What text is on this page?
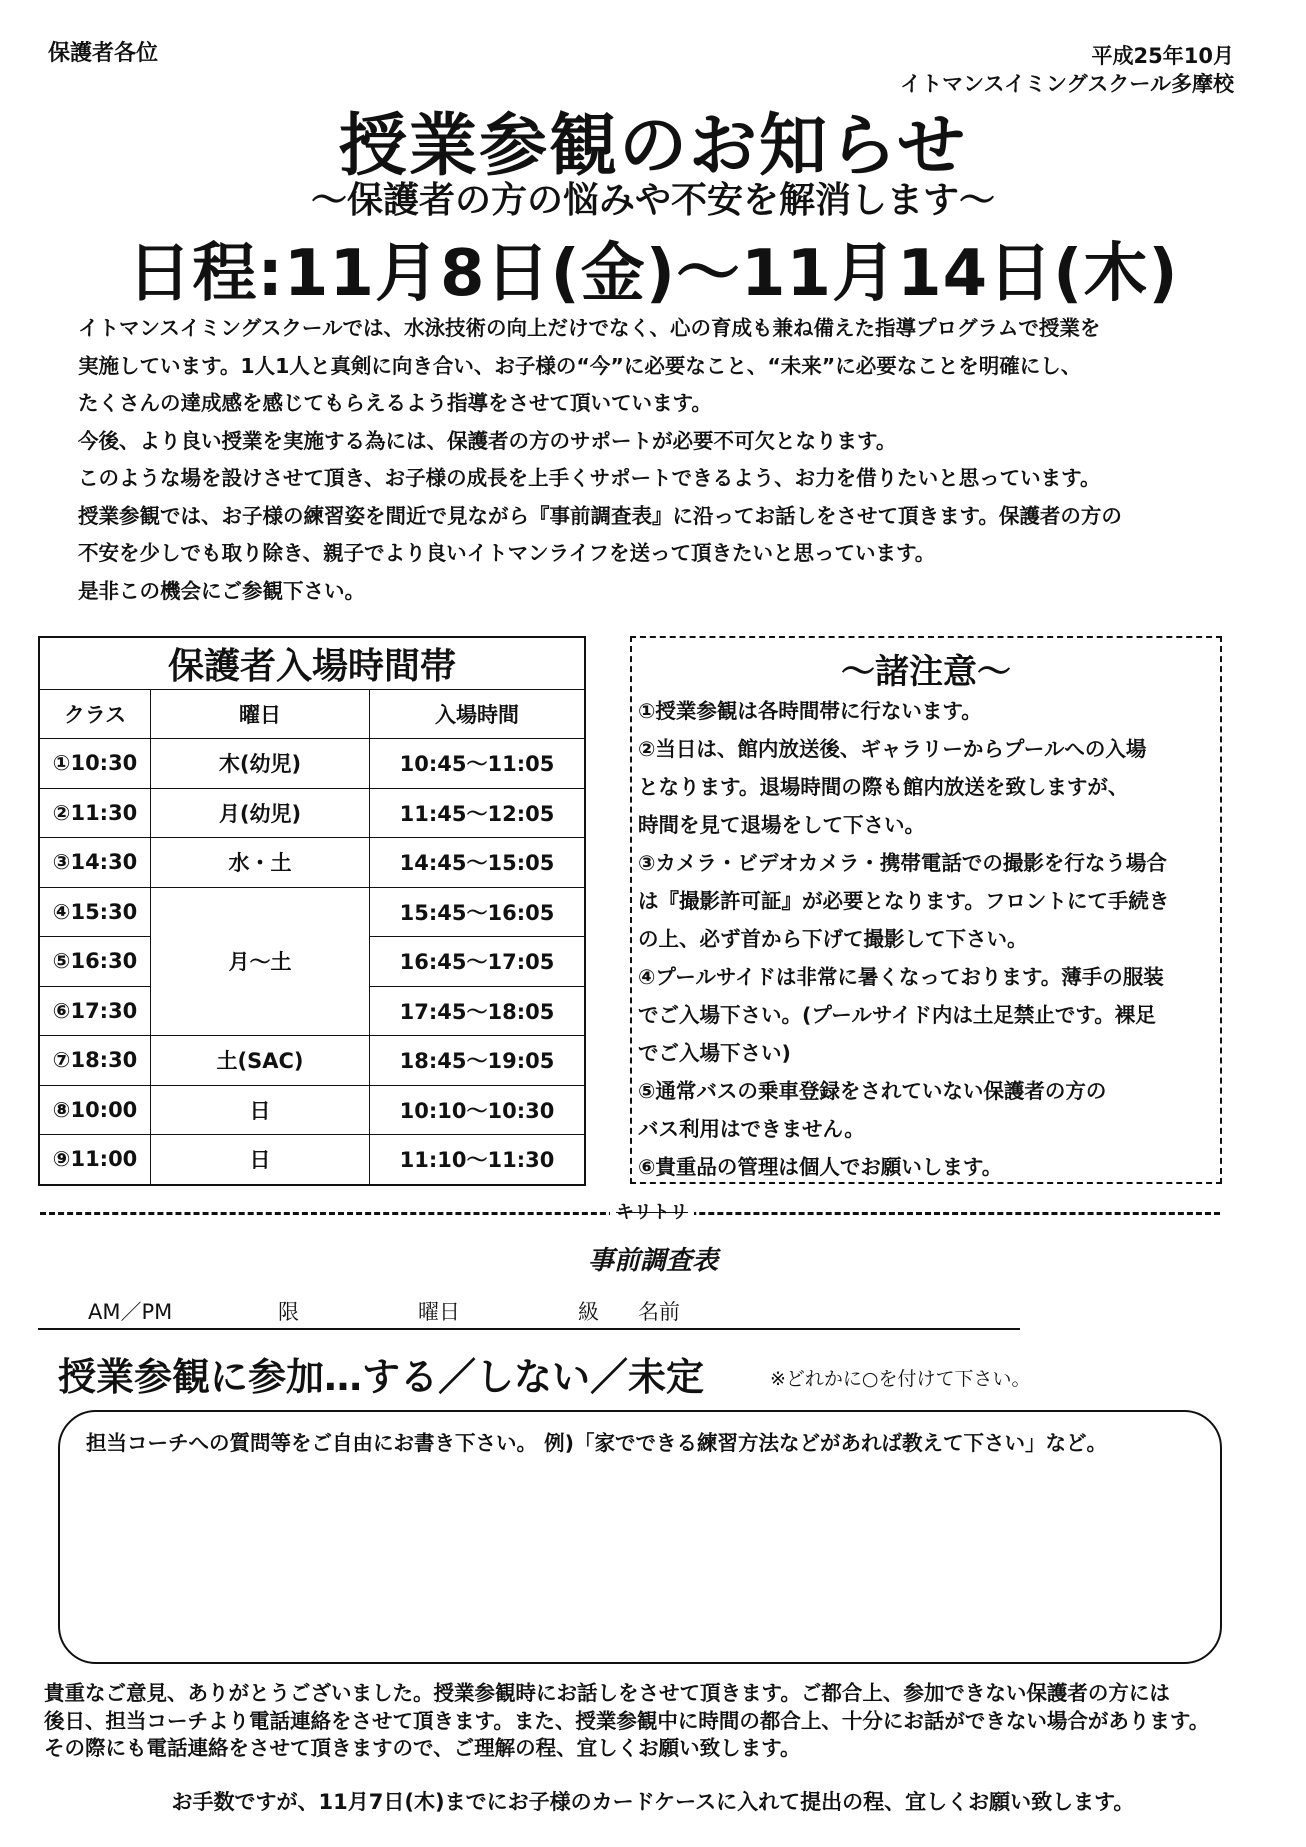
保護者各位	平成25年10月
イトマンスイミングスクール多摩校
授業参観のお知らせ
～保護者の方の悩みや不安を解消します～
日程:11月8日(金)～11月14日(木)

イトマンスイミングスクールでは、水泳技術の向上だけでなく、心の育成も兼ね備えた指導プログラムで授業を

実施しています。1人1人と真剣に向き合い、お子様の“今”に必要なこと、“未来”に必要なことを明確にし、

たくさんの達成感を感じてもらえるよう指導をさせて頂いています。

今後、より良い授業を実施する為には、保護者の方のサポートが必要不可欠となります。

このような場を設けさせて頂き、お子様の成長を上手くサポートできるよう、お力を借りたいと思っています。

授業参観では、お子様の練習姿を間近で見ながら『事前調査表』に沿ってお話しをさせて頂きます。保護者の方の

不安を少しでも取り除き、親子でより良いイトマンライフを送って頂きたいと思っています。

是非この機会にご参観下さい。

保護者入場時間帯		
クラス	曜日	入場時間
①10:30	木(幼児)	10:45～11:05
②11:30	月(幼児)	11:45～12:05
③14:30	水・土	14:45～15:05
④15:30	月～土	15:45～16:05
⑤16:30		16:45～17:05
⑥17:30		17:45～18:05
⑦18:30	土(SAC)	18:45～19:05
⑧10:00	日	10:10～10:30
⑨11:00	日	11:10～11:30
～諸注意～

①授業参観は各時間帯に行ないます。

②当日は、館内放送後、ギャラリーからプールへの入場

となります。退場時間の際も館内放送を致しますが、

時間を見て退場をして下さい。

③カメラ・ビデオカメラ・携帯電話での撮影を行なう場合

は『撮影許可証』が必要となります。フロントにて手続き

の上、必ず首から下げて撮影して下さい。

④プールサイドは非常に暑くなっております。薄手の服装

でご入場下さい。(プールサイド内は土足禁止です。裸足

でご入場下さい)

⑤通常バスの乗車登録をされていない保護者の方の

バス利用はできません。

⑥貴重品の管理は個人でお願いします。

キリトリ
事前調査表
AM／PM	限	曜日	級 名前
授業参観に参加…する／しない／未定	※どれかに○を付けて下さい。
担当コーチへの質問等をご自由にお書き下さい。 例)「家でできる練習方法などがあれば教えて下さい」など。

貴重なご意見、ありがとうございました。授業参観時にお話しをさせて頂きます。ご都合上、参加できない保護者の方には

後日、担当コーチより電話連絡をさせて頂きます。また、授業参観中に時間の都合上、十分にお話ができない場合があります。

その際にも電話連絡をさせて頂きますので、ご理解の程、宜しくお願い致します。

お手数ですが、11月7日(木)までにお子様のカードケースに入れて提出の程、宜しくお願い致します。
